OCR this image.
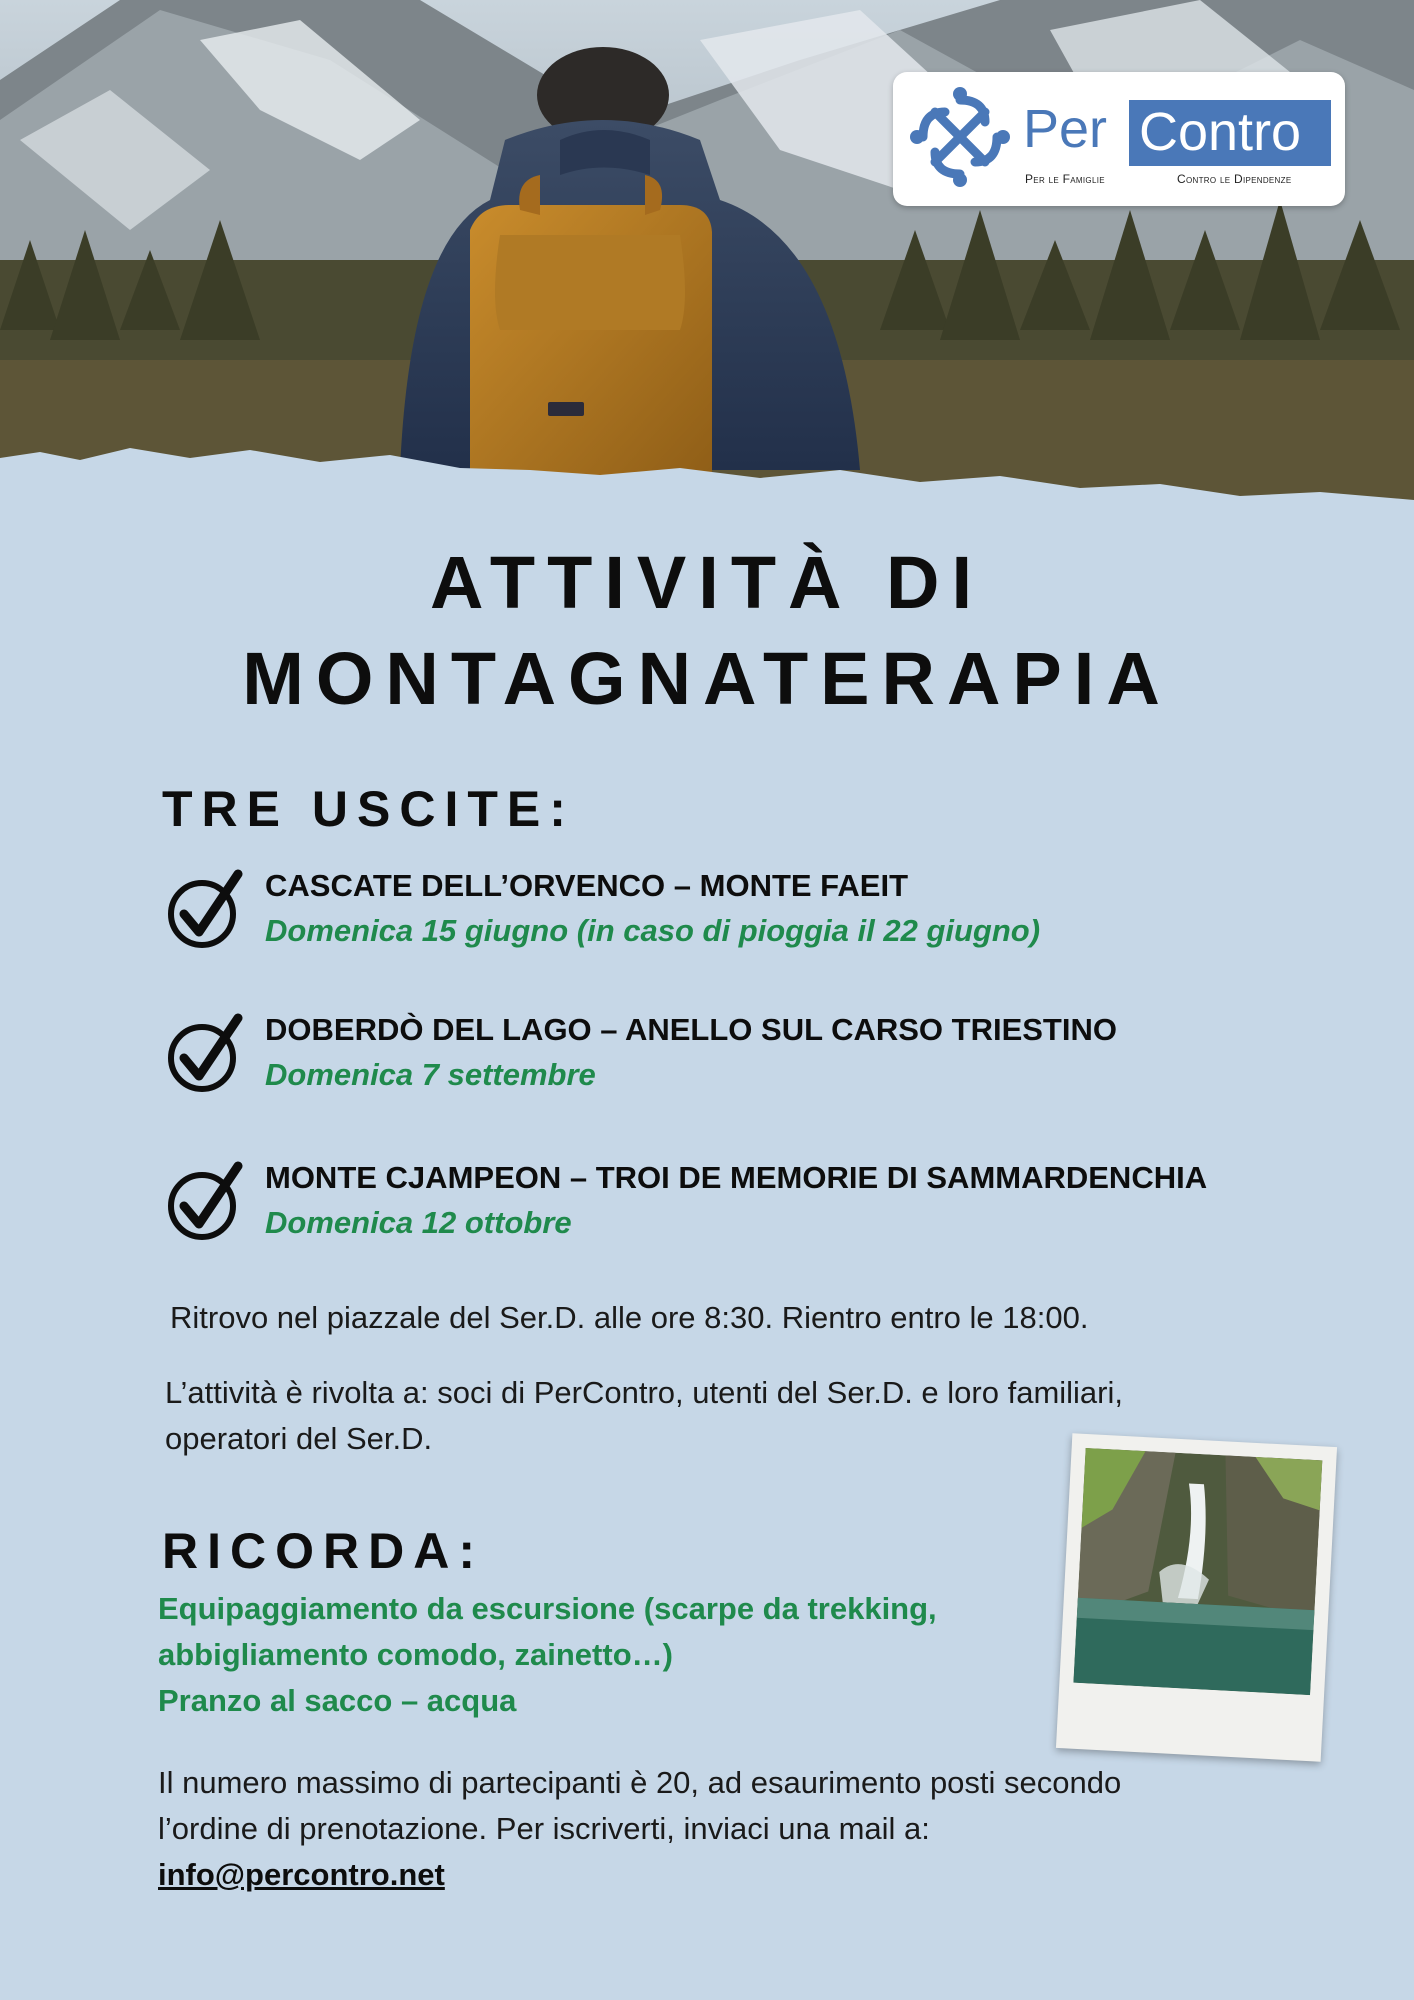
Per Contro
Per le Famiglie	Contro le Dipendenze
ATTIVITÀ DI
MONTAGNATERAPIA
TRE USCITE:
CASCATE DELL’ORVENCO – MONTE FAEIT
Domenica 15 giugno (in caso di pioggia il 22 giugno)
DOBERDÒ DEL LAGO – ANELLO SUL CARSO TRIESTINO
Domenica 7 settembre
MONTE CJAMPEON – TROI DE MEMORIE DI SAMMARDENCHIA
Domenica 12 ottobre
Ritrovo nel piazzale del Ser.D. alle ore 8:30. Rientro entro le 18:00.
L’attività è rivolta a: soci di PerContro, utenti del Ser.D. e loro familiari,
operatori del Ser.D.
RICORDA:
Equipaggiamento da escursione (scarpe da trekking,
abbigliamento comodo, zainetto…)
Pranzo al sacco – acqua
Il numero massimo di partecipanti è 20, ad esaurimento posti secondo
l’ordine di prenotazione. Per iscriverti, inviaci una mail a:
info@percontro.net
